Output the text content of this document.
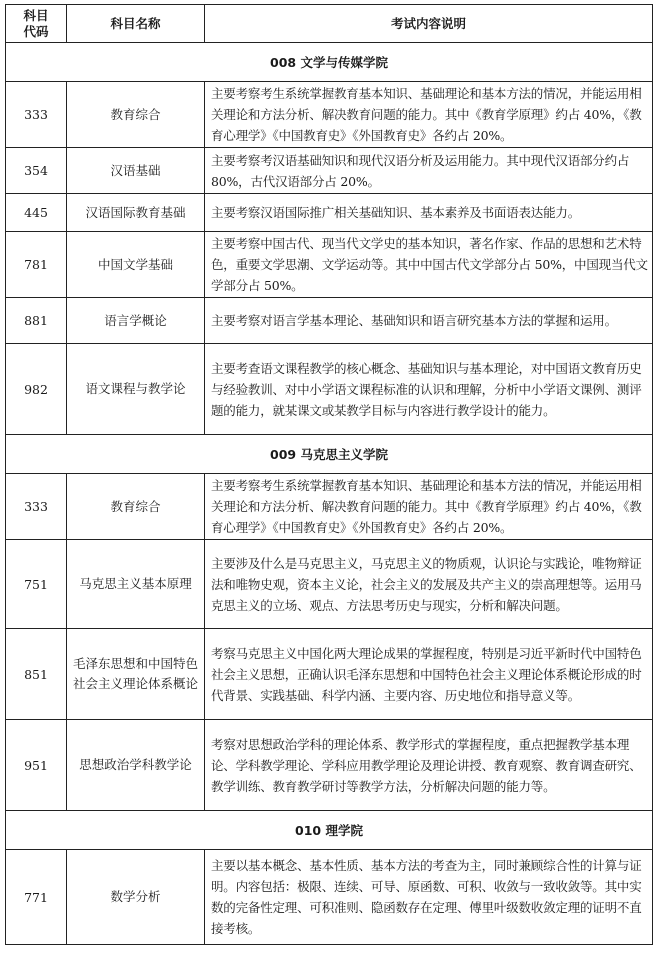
科目代码	科目名称	考试内容说明
008 文学与传媒学院		
333	教育综合	主要考察考生系统掌握教育基本知识、基础理论和基本方法的情况，并能运用相关理论和方法分析、解决教育问题的能力。其中《教育学原理》约占 40%，《教育心理学》《中国教育史》《外国教育史》各约占 20%。
354	汉语基础	主要考察考汉语基础知识和现代汉语分析及运用能力。其中现代汉语部分约占 80%，古代汉语部分占 20%。
445	汉语国际教育基础	主要考察汉语国际推广相关基础知识、基本素养及书面语表达能力。
781	中国文学基础	主要考察中国古代、现当代文学史的基本知识，著名作家、作品的思想和艺术特色，重要文学思潮、文学运动等。其中中国古代文学部分占 50%，中国现当代文学部分占 50%。
881	语言学概论	主要考察对语言学基本理论、基础知识和语言研究基本方法的掌握和运用。
982	语文课程与教学论	主要考查语文课程教学的核心概念、基础知识与基本理论，对中国语文教育历史与经验教训、对中小学语文课程标准的认识和理解，分析中小学语文课例、测评题的能力，就某课文或某教学目标与内容进行教学设计的能力。
009 马克思主义学院		
333	教育综合	主要考察考生系统掌握教育基本知识、基础理论和基本方法的情况，并能运用相关理论和方法分析、解决教育问题的能力。其中《教育学原理》约占 40%，《教育心理学》《中国教育史》《外国教育史》各约占 20%。
751	马克思主义基本原理	主要涉及什么是马克思主义，马克思主义的物质观，认识论与实践论，唯物辩证法和唯物史观，资本主义论，社会主义的发展及共产主义的崇高理想等。运用马克思主义的立场、观点、方法思考历史与现实，分析和解决问题。
851	毛泽东思想和中国特色社会主义理论体系概论	考察马克思主义中国化两大理论成果的掌握程度，特别是习近平新时代中国特色社会主义思想，正确认识毛泽东思想和中国特色社会主义理论体系概论形成的时代背景、实践基础、科学内涵、主要内容、历史地位和指导意义等。
951	思想政治学科教学论	考察对思想政治学科的理论体系、教学形式的掌握程度，重点把握教学基本理论、学科教学理论、学科应用教学理论及理论讲授、教育观察、教育调查研究、教学训练、教育教学研讨等教学方法，分析解决问题的能力等。
010 理学院		
771	数学分析	主要以基本概念、基本性质、基本方法的考查为主，同时兼顾综合性的计算与证明。内容包括：极限、连续、可导、原函数、可积、收敛与一致收敛等。其中实数的完备性定理、可积准则、隐函数存在定理、傅里叶级数收敛定理的证明不直接考核。
